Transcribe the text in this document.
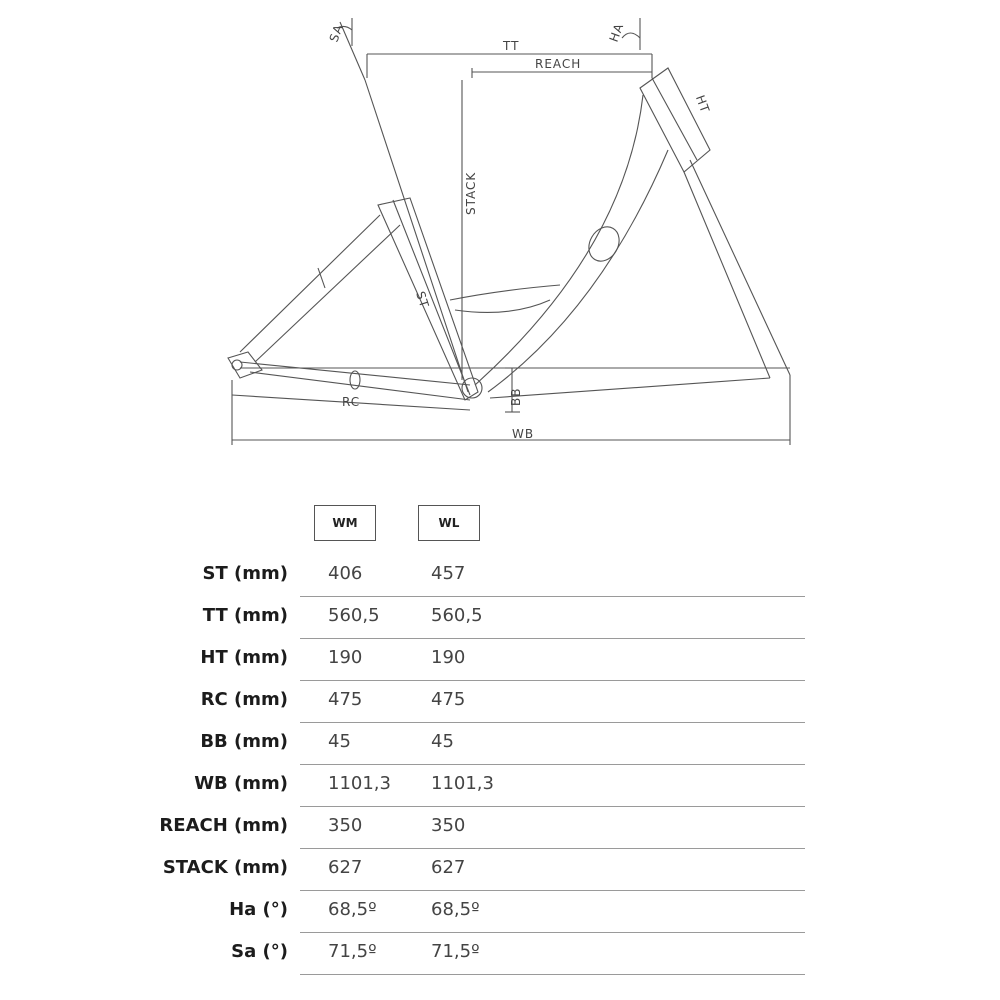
SA	HA
TT
REACH
HT
STACK
ST
RC	BB
WB
WM	WL
ST (mm) 406	457
TT (mm) 560,5	560,5
HT (mm) 190	190
RC (mm) 475	475
BB (mm) 45	45
WB (mm) 1101,3 1101,3
REACH (mm) 350	350
STACK (mm) 627	627
Ha (°) 68,5º	68,5º
Sa (°) 71,5º	71,5º
